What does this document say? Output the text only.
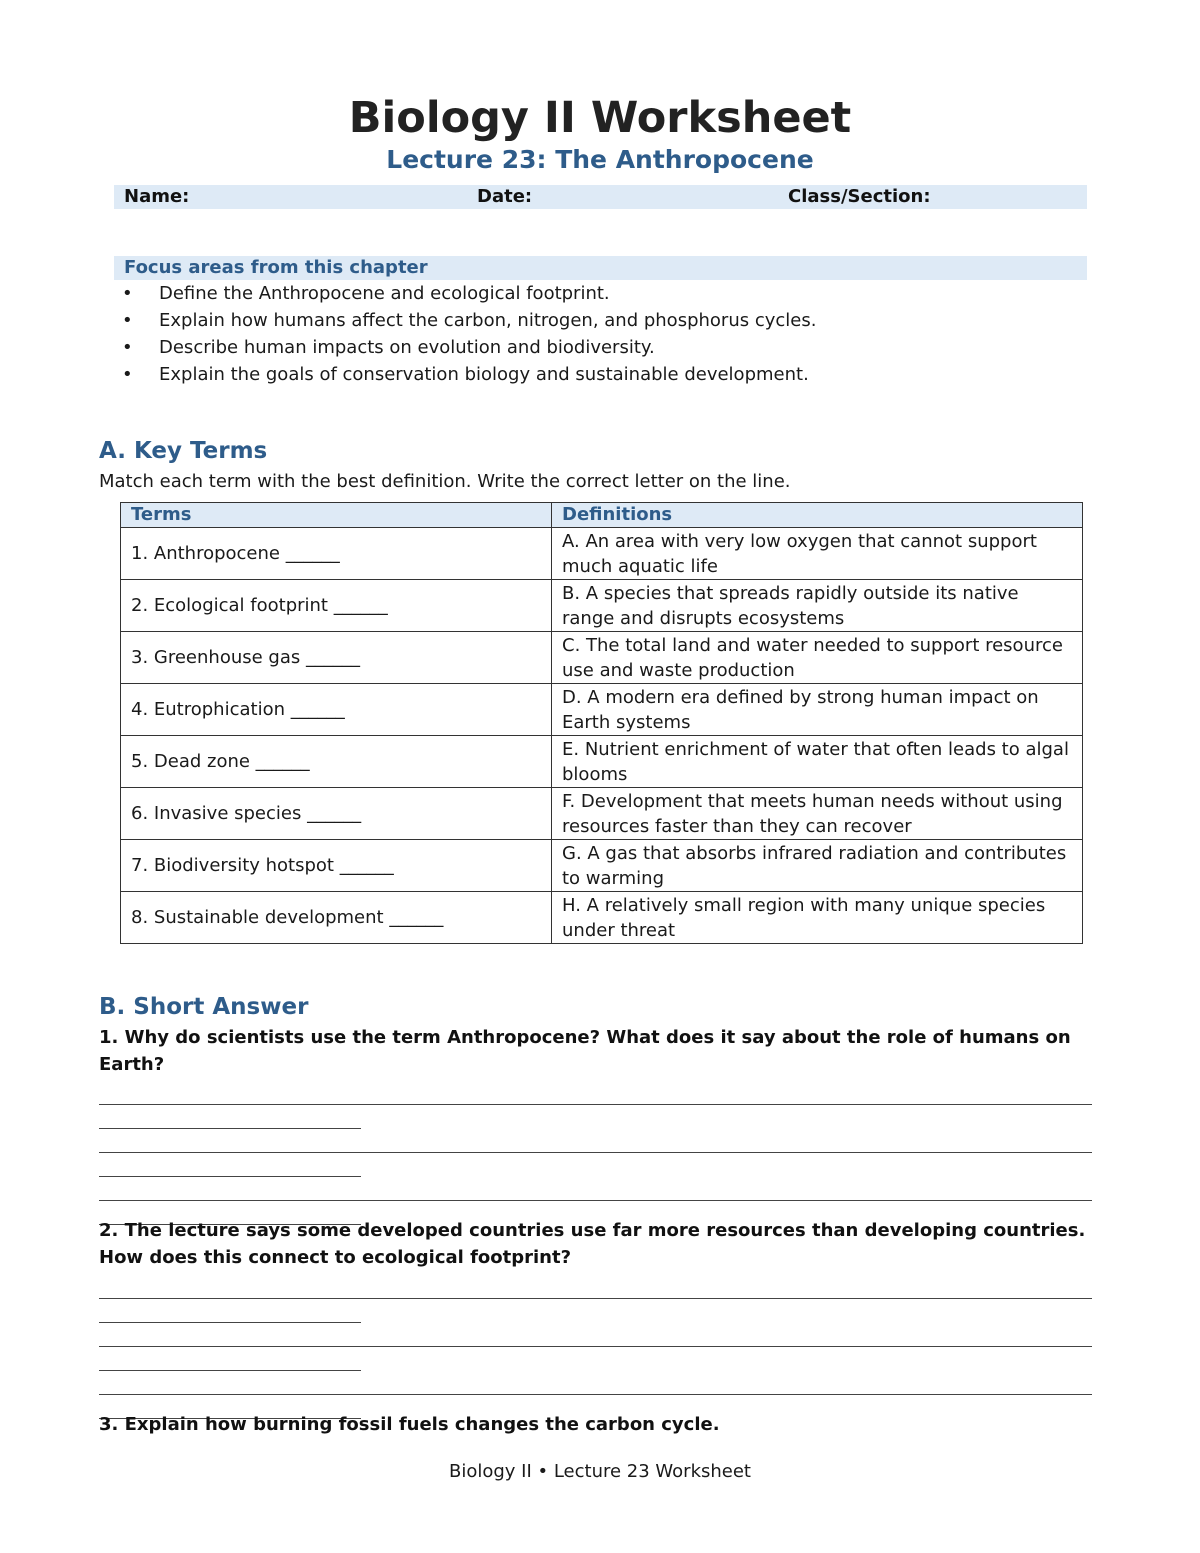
Biology II Worksheet
Lecture 23: The Anthropocene
Name:	Date:	Class/Section:
Focus areas from this chapter
• Define the Anthropocene and ecological footprint.
• Explain how humans affect the carbon, nitrogen, and phosphorus cycles.
• Describe human impacts on evolution and biodiversity.
• Explain the goals of conservation biology and sustainable development.
A. Key Terms
Match each term with the best definition. Write the correct letter on the line.
Terms	Definitions
1. Anthropocene ______	A. An area with very low oxygen that cannot support much aquatic life
2. Ecological footprint ______	B. A species that spreads rapidly outside its native range and disrupts ecosystems
3. Greenhouse gas ______	C. The total land and water needed to support resource use and waste production
4. Eutrophication ______	D. A modern era defined by strong human impact on Earth systems
5. Dead zone ______	E. Nutrient enrichment of water that often leads to algal blooms
6. Invasive species ______	F. Development that meets human needs without using resources faster than they can recover
7. Biodiversity hotspot ______	G. A gas that absorbs infrared radiation and contributes to warming
8. Sustainable development ______	H. A relatively small region with many unique species under threat
B. Short Answer
1. Why do scientists use the term Anthropocene? What does it say about the role of humans on Earth?
2. The lecture says some developed countries use far more resources than developing countries. How does this connect to ecological footprint?
3. Explain how burning fossil fuels changes the carbon cycle.
Biology II • Lecture 23 Worksheet
